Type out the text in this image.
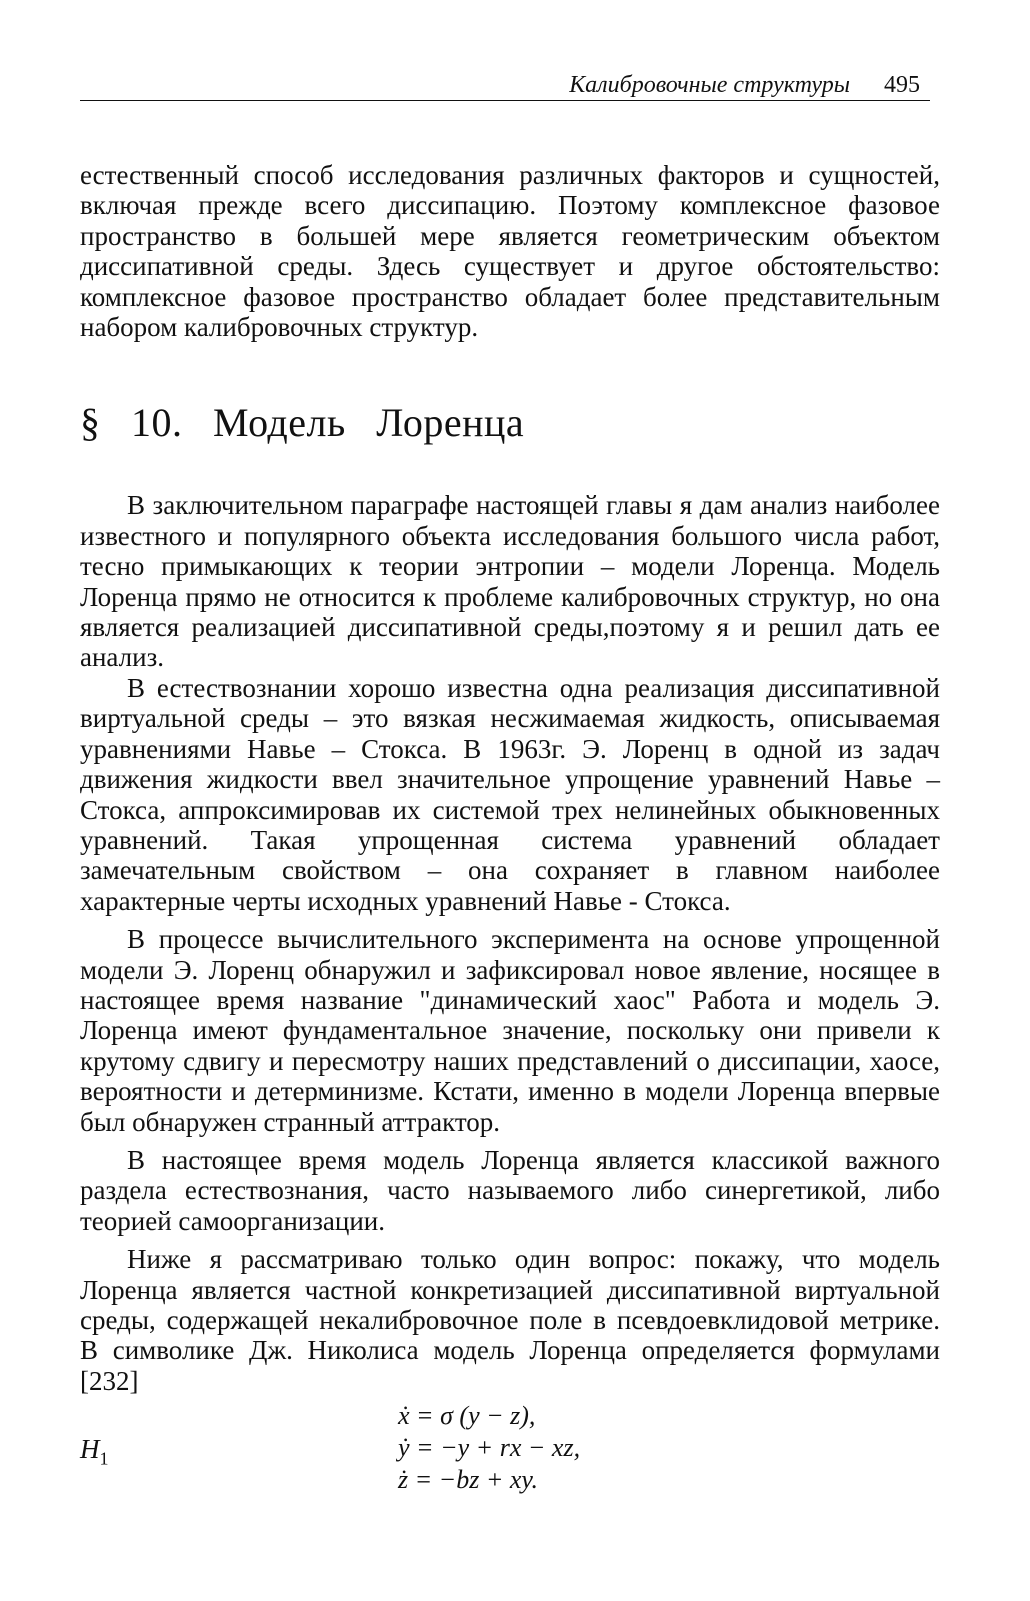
Калибровочные структуры 495

естественный способ исследования различных факторов и сущностей, включая прежде всего диссипацию. Поэтому комплексное фазовое пространство в большей мере является геометрическим объектом диссипативной среды. Здесь существует и другое обстоятельство: комплексное фазовое пространство обладает более представительным набором калибровочных структур.

§ 10. Модель Лоренца

В заключительном параграфе настоящей главы я дам анализ наиболее известного и популярного объекта исследования большого числа работ, тесно примыкающих к теории энтропии – модели Лоренца. Модель Лоренца прямо не относится к проблеме калибровочных структур, но она является реализацией диссипативной среды,поэтому я и решил дать ее анализ.

В естествознании хорошо известна одна реализация диссипативной виртуальной среды – это вязкая несжимаемая жидкость, описываемая уравнениями Навье – Стокса. В 1963г. Э. Лоренц в одной из задач движения жидкости ввел значительное упрощение уравнений Навье – Стокса, аппроксимировав их системой трех нелинейных обыкновенных уравнений. Такая упрощенная система уравнений обладает замечательным свойством – она сохраняет в главном наиболее характерные черты исходных уравнений Навье - Стокса.

В процессе вычислительного эксперимента на основе упрощенной модели Э. Лоренц обнаружил и зафиксировал новое явление, носящее в настоящее время название "динамический хаос" Работа и модель Э. Лоренца имеют фундаментальное значение, поскольку они привели к крутому сдвигу и пересмотру наших представлений о диссипации, хаосе, вероятности и детерминизме. Кстати, именно в модели Лоренца впервые был обнаружен странный аттрактор.

В настоящее время модель Лоренца является классикой важного раздела естествознания, часто называемого либо синергетикой, либо теорией самоорганизации.

Ниже я рассматриваю только один вопрос: покажу, что модель Лоренца является частной конкретизацией диссипативной виртуальной среды, содержащей некалибровочное поле в псевдоевклидовой метрике. В символике Дж. Николиса модель Лоренца определяется формулами [232]

$H_1$
ẋ = σ (y − z),
ẏ = −y + rx − xz,
ż = −bz + xy.
